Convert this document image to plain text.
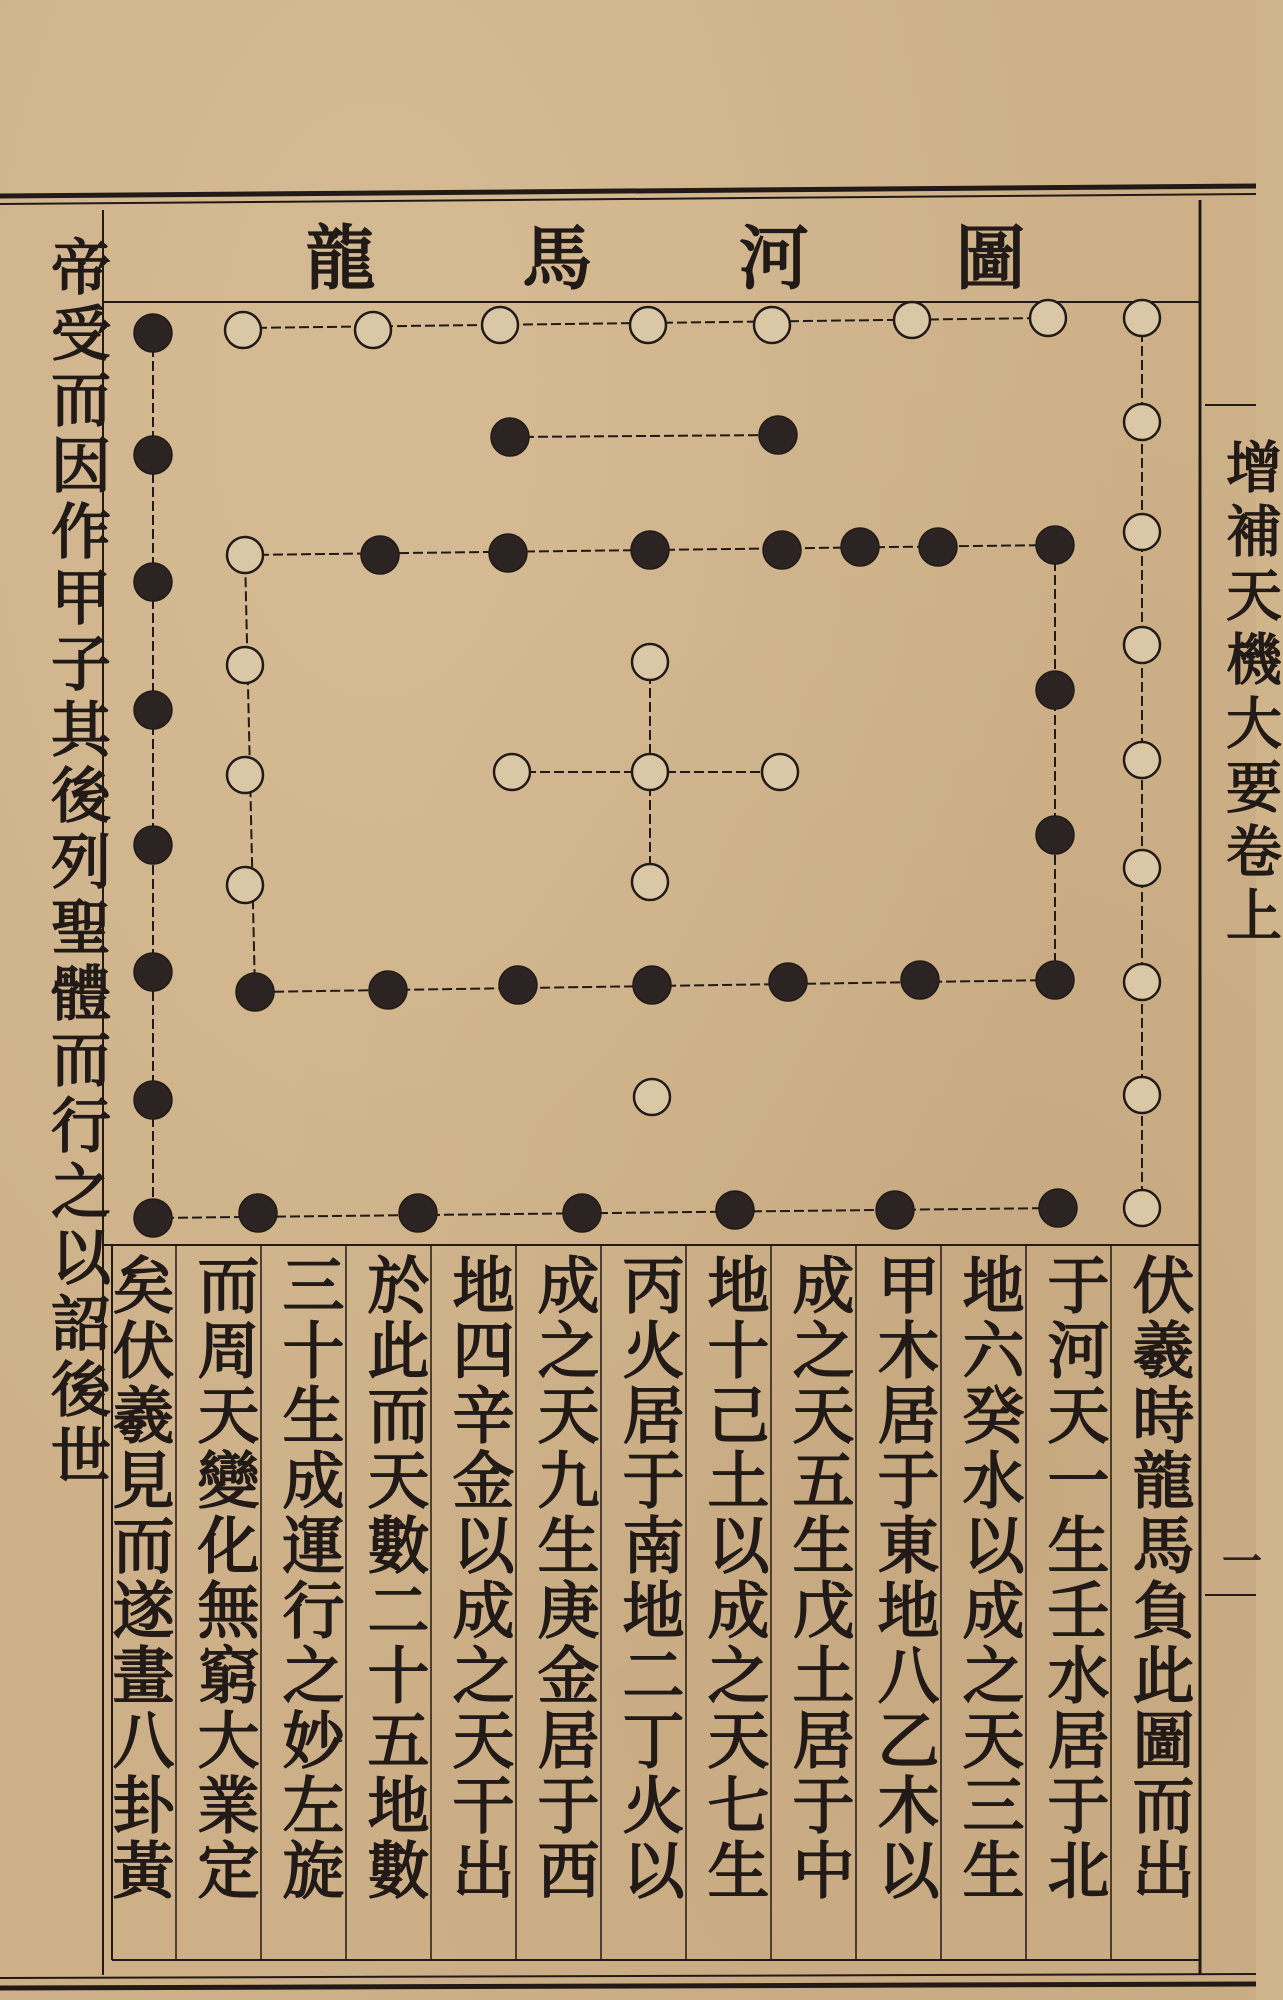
龍 馬 河 圖
帝受而因作甲子其後列聖體而行之以詔後世	增補天機大要卷上
一
伏羲時龍馬負此圖而出
于河天一生壬水居于北
地六癸水以成之天三生
甲木居于東地八乙木以
成之天五生戊土居于中
地十己土以成之天七生
丙火居于南地二丁火以
成之天九生庚金居于西
地四辛金以成之天干出
於此而天數二十五地數
三十生成運行之妙左旋
而周天變化無窮大業定
矣伏羲見而遂畫八卦黃
